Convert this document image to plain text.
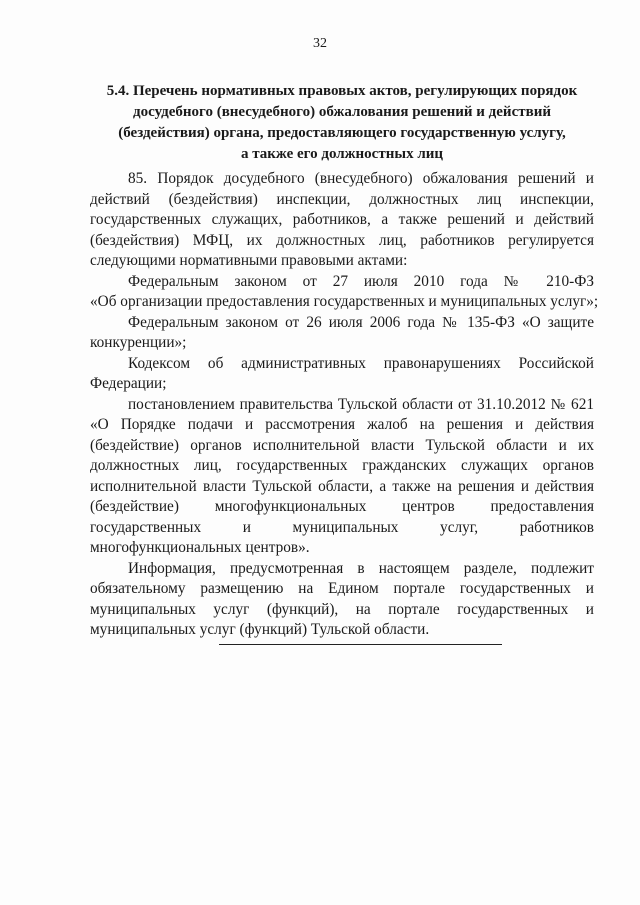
32
5.4. Перечень нормативных правовых актов, регулирующих порядок
досудебного (внесудебного) обжалования решений и действий
(бездействия) органа, предоставляющего государственную услугу,
а также его должностных лиц
85. Порядок досудебного (внесудебного) обжалования решений и
действий (бездействия) инспекции, должностных лиц инспекции,
государственных служащих, работников, а также решений и действий
(бездействия) МФЦ, их должностных лиц, работников регулируется
следующими нормативными правовыми актами:
Федеральным законом от 27 июля 2010 года № 210-ФЗ
«Об организации предоставления государственных и муниципальных услуг»;
Федеральным законом от 26 июля 2006 года № 135-ФЗ «О защите
конкуренции»;
Кодексом об административных правонарушениях Российской
Федерации;
постановлением правительства Тульской области от 31.10.2012 № 621
«О Порядке подачи и рассмотрения жалоб на решения и действия
(бездействие) органов исполнительной власти Тульской области и их
должностных лиц, государственных гражданских служащих органов
исполнительной власти Тульской области, а также на решения и действия
(бездействие) многофункциональных центров предоставления
государственных и муниципальных услуг, работников
многофункциональных центров».
Информация, предусмотренная в настоящем разделе, подлежит
обязательному размещению на Едином портале государственных и
муниципальных услуг (функций), на портале государственных и
муниципальных услуг (функций) Тульской области.
